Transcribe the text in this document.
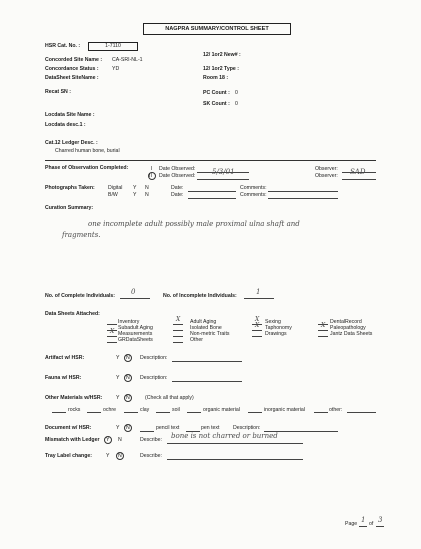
NAGPRA SUMMARY/CONTROL SHEET
HSR Cat. No. :	1-7110
Concorded Site Name : CA-SRI-NL-1
Concordance Status :	YD
DataSheet SiteName :
Recat SN :
Locdata Site Name :
Locdata desc.1 :
12/ 1or2 New# :
12/ 1or2 Type :
Room 18 :
PC Count : 0
SK Count : 0
Cat.12 Ledger Desc. :
Charred human bone, burial
Phase of Observation Completed:	I Date Observed:
II Date Observed: 5/3/01	Observer:
Observer: SAD
Photographs Taken:	Digital Y N	Date:	Comments:
B/W	Y N	Date:	Comments:
Curation Summary:
one incomplete adult possibly male proximal ulna shaft and
fragments.
No. of Complete Individuals: 0	No. of Incomplete Individuals:	1
Data Sheets Attached:
Inventory
Subadult Aging
X Measurements
GRDataSheets
X Adult Aging
Isolated Bone
Non-metric Traits
Other
X Sexing
X Taphonomy
Drawings
DentalRecord
X Paleopathology
Jantz Data Sheets
Artifact w/ HSR:	Y N Description:
Fauna w/ HSR:	Y N Description:
Other Materials w/HSR:	Y N	(Check all that apply)
rocks	ochre	clay	soil	organic material	inorganic material	other:
Document w/ HSR:	Y N	pencil text	pen text	Description:
Mismatch with Ledger Y N	Describe: bone is not charred or burned
Tray Label change:	Y N	Describe:
Page 1 of 3
